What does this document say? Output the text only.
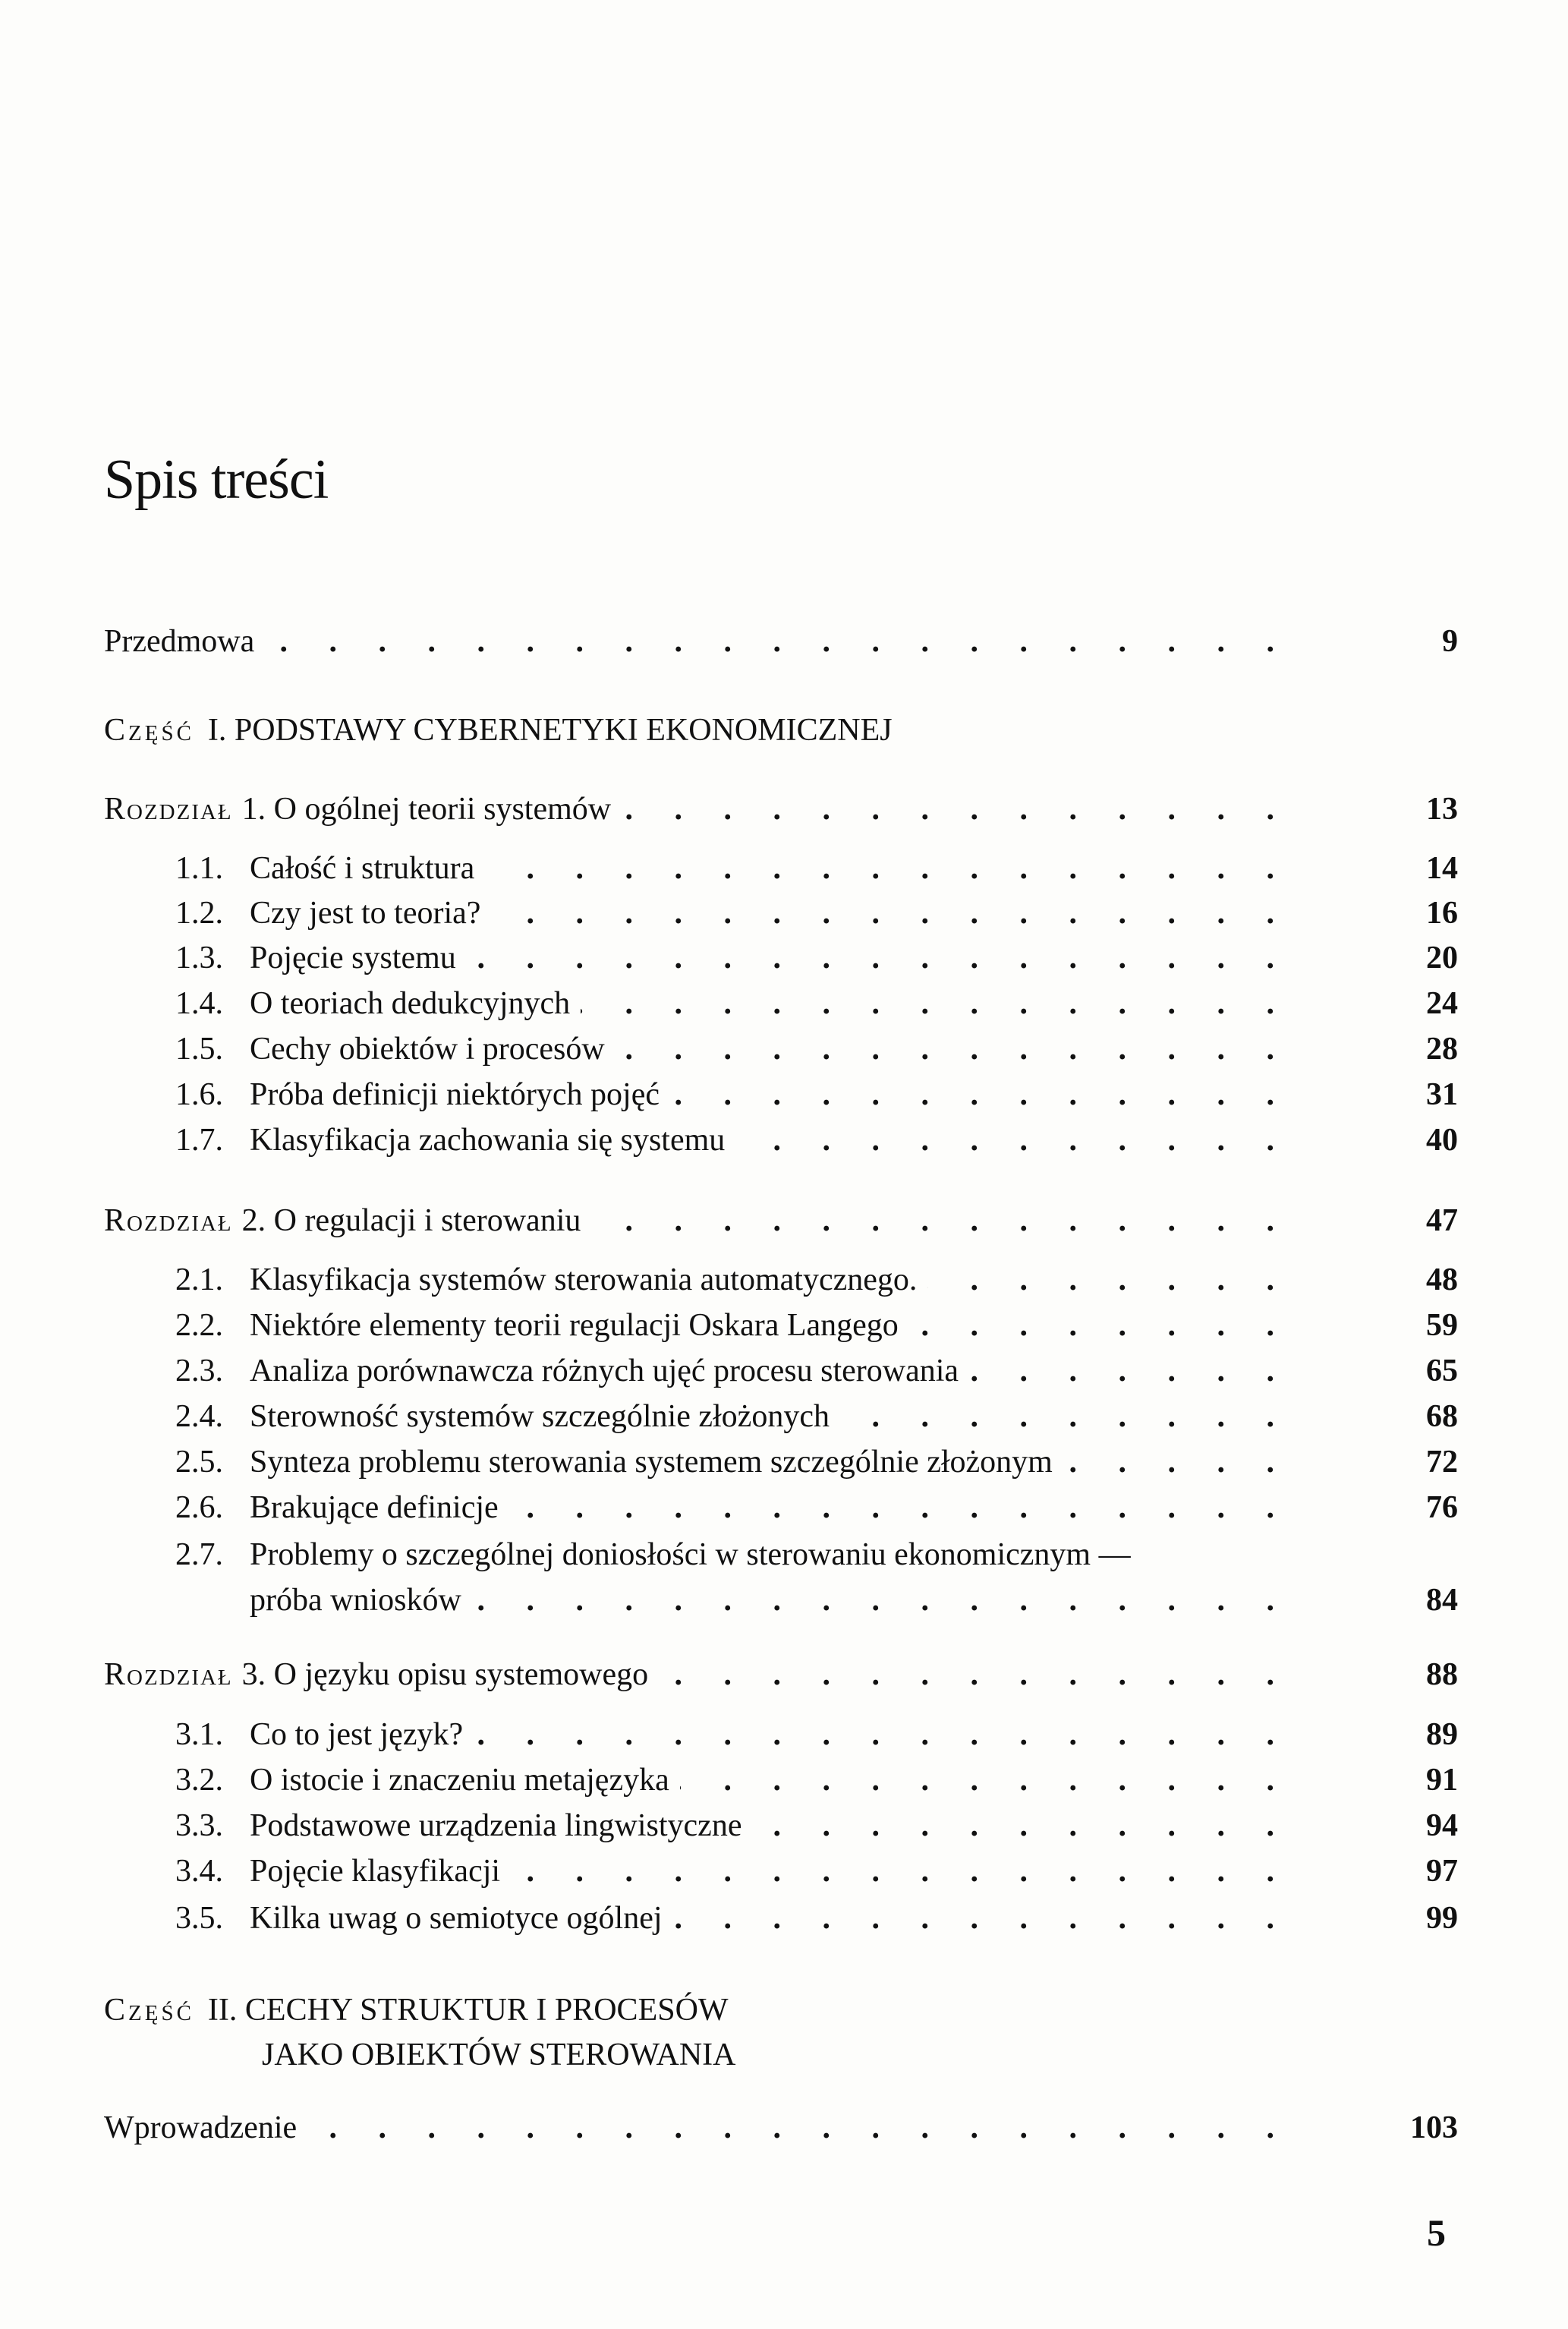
Spis treści
Przedmowa . . .	9
Część I. PODSTAWY CYBERNETYKI EKONOMICZNEJ
Rozdział 1. O ogólnej teorii systemów . . .	13
1.1. Całość i struktura . . .	14
1.2. Czy jest to teoria? . . .	16
1.3. Pojęcie systemu . . .	20
1.4. O teoriach dedukcyjnych . . .	24
1.5. Cechy obiektów i procesów . . .	28
1.6. Próba definicji niektórych pojęć . . .	31
1.7. Klasyfikacja zachowania się systemu . . .	40
Rozdział 2. O regulacji i sterowaniu . . .	47
2.1. Klasyfikacja systemów sterowania automatycznego. . . .	48
2.2. Niektóre elementy teorii regulacji Oskara Langego . . .	59
2.3. Analiza porównawcza różnych ujęć procesu sterowania . . .	65
2.4. Sterowność systemów szczególnie złożonych . . .	68
2.5. Synteza problemu sterowania systemem szczególnie złożonym . . .	72
2.6. Brakujące definicje . . .	76
2.7. Problemy o szczególnej doniosłości w sterowaniu ekonomicznym —
próba wniosków . . .	84
Rozdział 3. O języku opisu systemowego . . .	88
3.1. Co to jest język? . . .	89
3.2. O istocie i znaczeniu metajęzyka . . .	91
3.3. Podstawowe urządzenia lingwistyczne . . .	94
3.4. Pojęcie klasyfikacji . . .	97
3.5. Kilka uwag o semiotyce ogólnej . . .	99
Część II. CECHY STRUKTUR I PROCESÓW
JAKO OBIEKTÓW STEROWANIA
Wprowadzenie . . .	103
5
